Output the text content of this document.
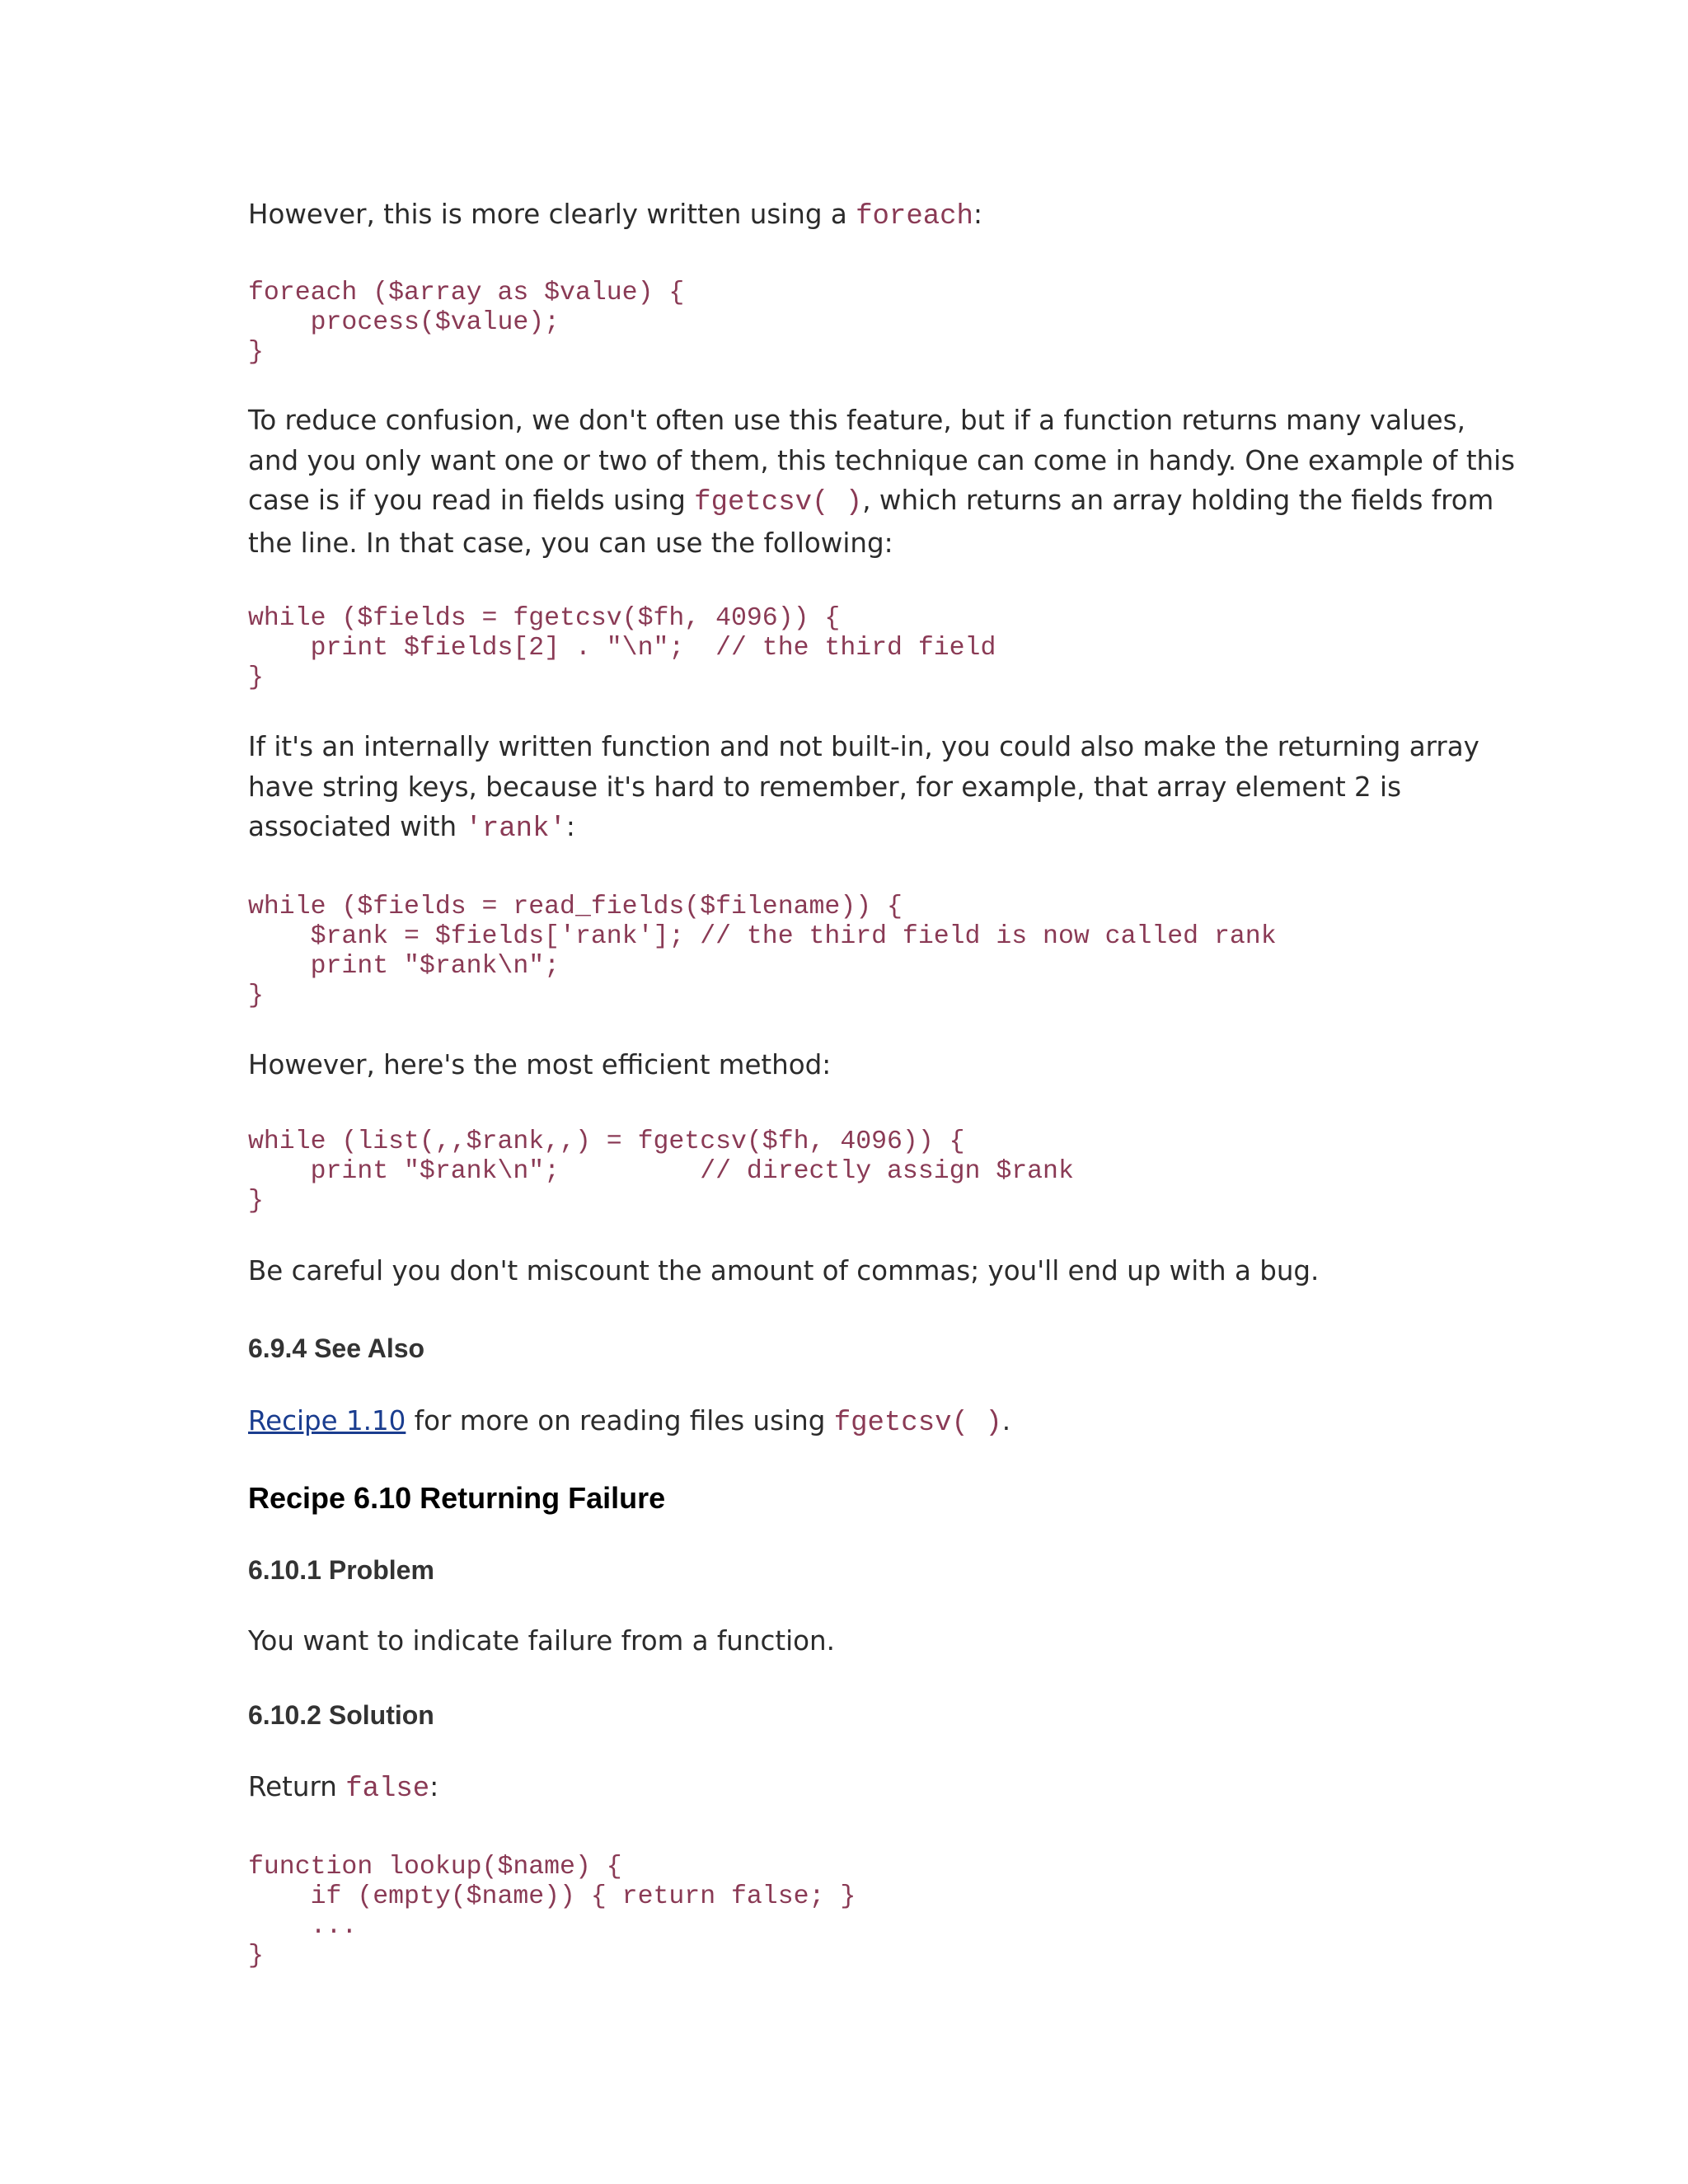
However, this is more clearly written using a foreach:

foreach ($array as $value) {
process($value);
}

To reduce confusion, we don't often use this feature, but if a function returns many values,
and you only want one or two of them, this technique can come in handy. One example of this
case is if you read in fields using fgetcsv( ), which returns an array holding the fields from
the line. In that case, you can use the following:

while ($fields = fgetcsv($fh, 4096)) {
print $fields[2] . "\n";  // the third field
}

If it's an internally written function and not built-in, you could also make the returning array
have string keys, because it's hard to remember, for example, that array element 2 is
associated with 'rank':

while ($fields = read_fields($filename)) {
$rank = $fields['rank']; // the third field is now called rank
print "$rank\n";
}

However, here's the most efficient method:

while (list(,,$rank,,) = fgetcsv($fh, 4096)) {
print "$rank\n";         // directly assign $rank
}

Be careful you don't miscount the amount of commas; you'll end up with a bug.

6.9.4 See Also

Recipe 1.10 for more on reading files using fgetcsv( ).

Recipe 6.10 Returning Failure
6.10.1 Problem

You want to indicate failure from a function.

6.10.2 Solution

Return false:

function lookup($name) {
if (empty($name)) { return false; }
...
}
